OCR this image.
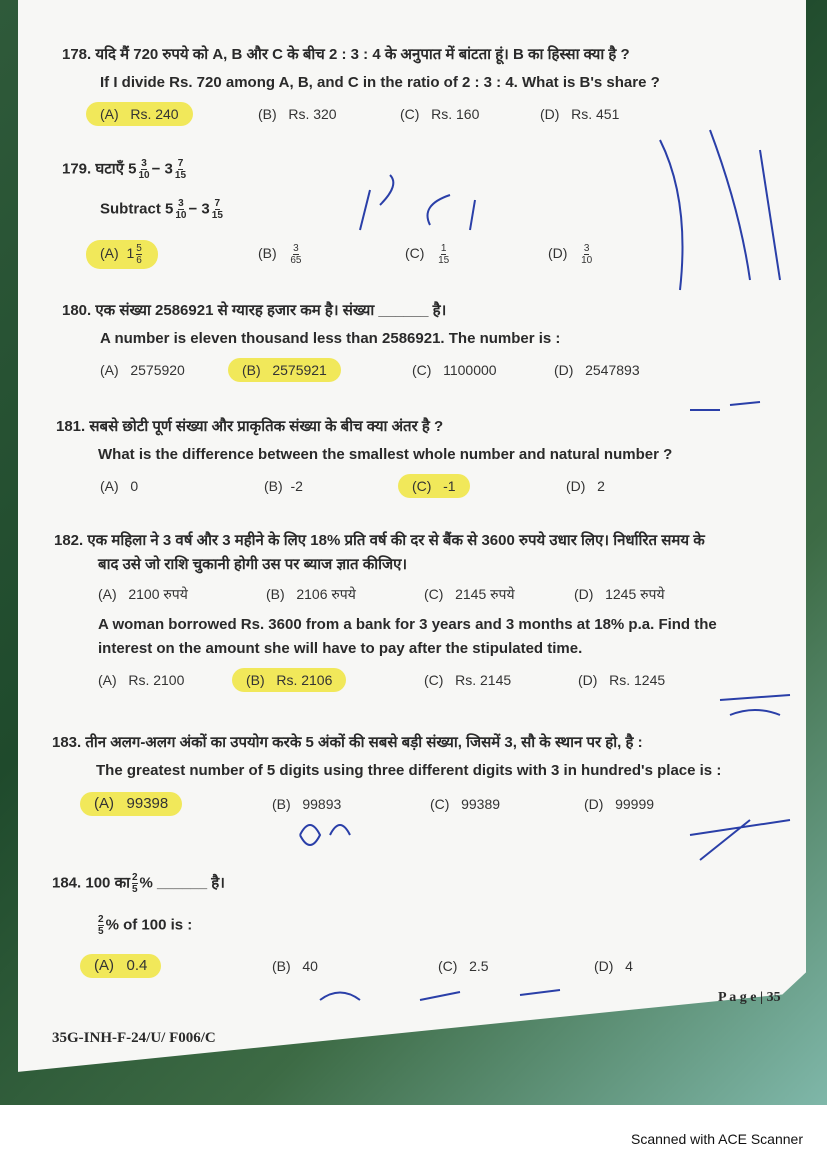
178. यदि मैं 720 रुपये को A, B और C के बीच 2 : 3 : 4 के अनुपात में बांटता हूं। B का हिस्सा क्या है ?
If I divide Rs. 720 among A, B, and C in the ratio of 2 : 3 : 4. What is B's share ?
(A) Rs. 240	(B) Rs. 320	(C) Rs. 160	(D) Rs. 451
179. घटाएँ $5 \frac{3}{10} - 3 \frac{7}{15}$
Subtract $5 \frac{3}{10} - 3 \frac{7}{15}$
(A) $1 \frac{5}{6}$	$(B) \frac{3}{65}$	$(C) \frac{1}{15}$	$(D) \frac{3}{10}$
180. एक संख्या 2586921 से ग्यारह हजार कम है। संख्या ______ है।
A number is eleven thousand less than 2586921. The number is :
(A) 2575920	(B) 2575921	(C) 1100000	(D) 2547893
181. सबसे छोटी पूर्ण संख्या और प्राकृतिक संख्या के बीच क्या अंतर है ?
What is the difference between the smallest whole number and natural number ?
(A) 0	(B) -2	(C) -1	(D) 2
182. एक महिला ने 3 वर्ष और 3 महीने के लिए 18% प्रति वर्ष की दर से बैंक से 3600 रुपये उधार लिए। निर्धारित समय के
बाद उसे जो राशि चुकानी होगी उस पर ब्याज ज्ञात कीजिए।
(A) 2100 रुपये	(B) 2106 रुपये	(C) 2145 रुपये	(D) 1245 रुपये
A woman borrowed Rs. 3600 from a bank for 3 years and 3 months at 18% p.a. Find the
interest on the amount she will have to pay after the stipulated time.
(A) Rs. 2100	(B) Rs. 2106	(C) Rs. 2145	(D) Rs. 1245
183. तीन अलग-अलग अंकों का उपयोग करके 5 अंकों की सबसे बड़ी संख्या, जिसमें 3, सौ के स्थान पर हो, है :
The greatest number of 5 digits using three different digits with 3 in hundred's place is :
(A) 99398	(B) 99893	(C) 99389	(D) 99999
184. 100 का $\frac{2}{5}$ % ______ है।
$\frac{2}{5}$ % of 100 is :
(A) 0.4	(B) 40	(C) 2.5	(D) 4
P a g e | 35
35G-INH-F-24/U/ F006/C
Scanned with ACE Scanner
